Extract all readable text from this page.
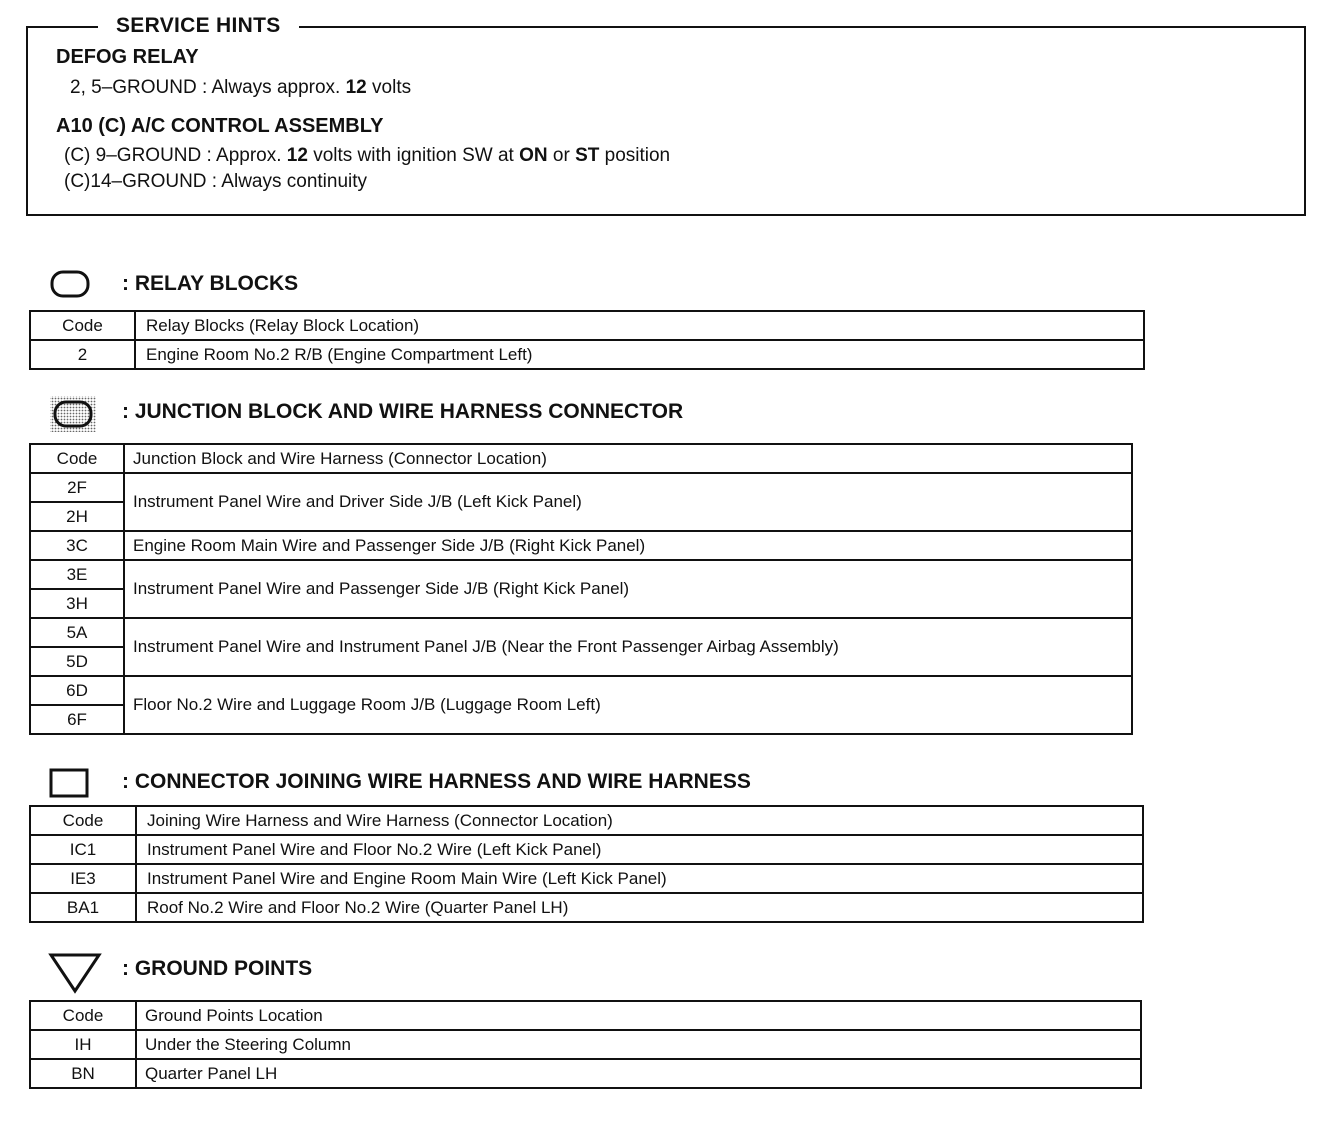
SERVICE HINTS
DEFOG RELAY
2, 5–GROUND : Always approx. 12 volts
A10 (C) A/C CONTROL ASSEMBLY
(C) 9–GROUND : Approx. 12 volts with ignition SW at ON or ST position
(C)14–GROUND : Always continuity
: RELAY BLOCKS
Code	Relay Blocks (Relay Block Location)
2	Engine Room No.2 R/B (Engine Compartment Left)
: JUNCTION BLOCK AND WIRE HARNESS CONNECTOR
Code	Junction Block and Wire Harness (Connector Location)
2F	Instrument Panel Wire and Driver Side J/B (Left Kick Panel)
2H	
3C	Engine Room Main Wire and Passenger Side J/B (Right Kick Panel)
3E	Instrument Panel Wire and Passenger Side J/B (Right Kick Panel)
3H	
5A	Instrument Panel Wire and Instrument Panel J/B (Near the Front Passenger Airbag Assembly)
5D	
6D	Floor No.2 Wire and Luggage Room J/B (Luggage Room Left)
6F	
: CONNECTOR JOINING WIRE HARNESS AND WIRE HARNESS
Code	Joining Wire Harness and Wire Harness (Connector Location)
IC1	Instrument Panel Wire and Floor No.2 Wire (Left Kick Panel)
IE3	Instrument Panel Wire and Engine Room Main Wire (Left Kick Panel)
BA1	Roof No.2 Wire and Floor No.2 Wire (Quarter Panel LH)
: GROUND POINTS
Code	Ground Points Location
IH	Under the Steering Column
BN	Quarter Panel LH
